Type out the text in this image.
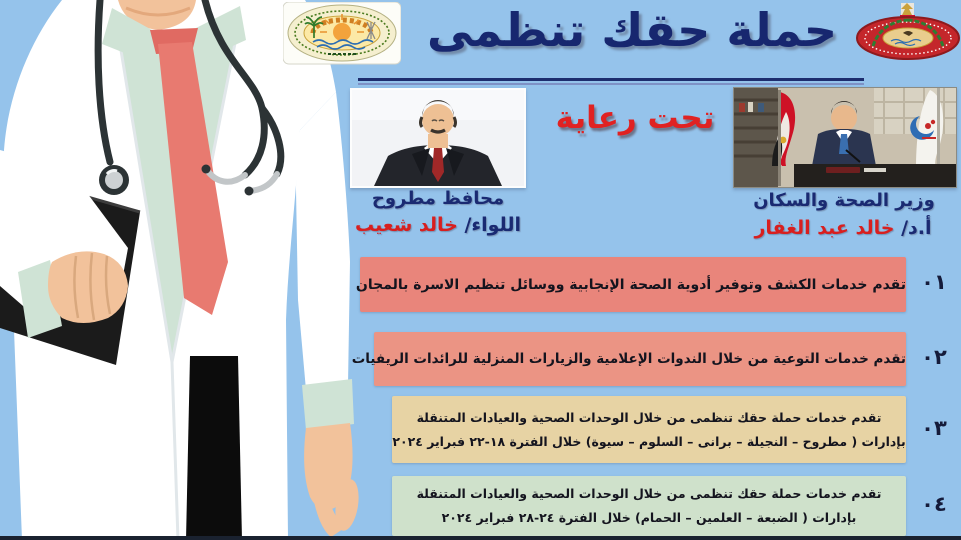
حملة حقك تنظمى
تحت رعاية
محافظ مطروح
اللواء/ خالد شعيب
وزير الصحة والسكان
أ.د/ خالد عبد الغفار
تقدم خدمات الكشف وتوفير أدوية الصحة الإنجابية ووسائل تنظيم الاسرة بالمجان ٠١
تقدم خدمات التوعية من خلال الندوات الإعلامية والزيارات المنزلية للرائدات الريفيات ٠٢
تقدم خدمات حملة حقك تنظمى من خلال الوحدات الصحية والعيادات المتنقلة
بإدارات ( مطروح – النجيلة – برانى – السلوم – سيوة) خلال الفترة ١٨-٢٢ فبراير ٢٠٢٤
٠٣
تقدم خدمات حملة حقك تنظمى من خلال الوحدات الصحية والعيادات المتنقلة
بإدارات ( الضبعة – العلمين – الحمام) خلال الفترة ٢٤-٢٨ فبراير ٢٠٢٤
٠٤
